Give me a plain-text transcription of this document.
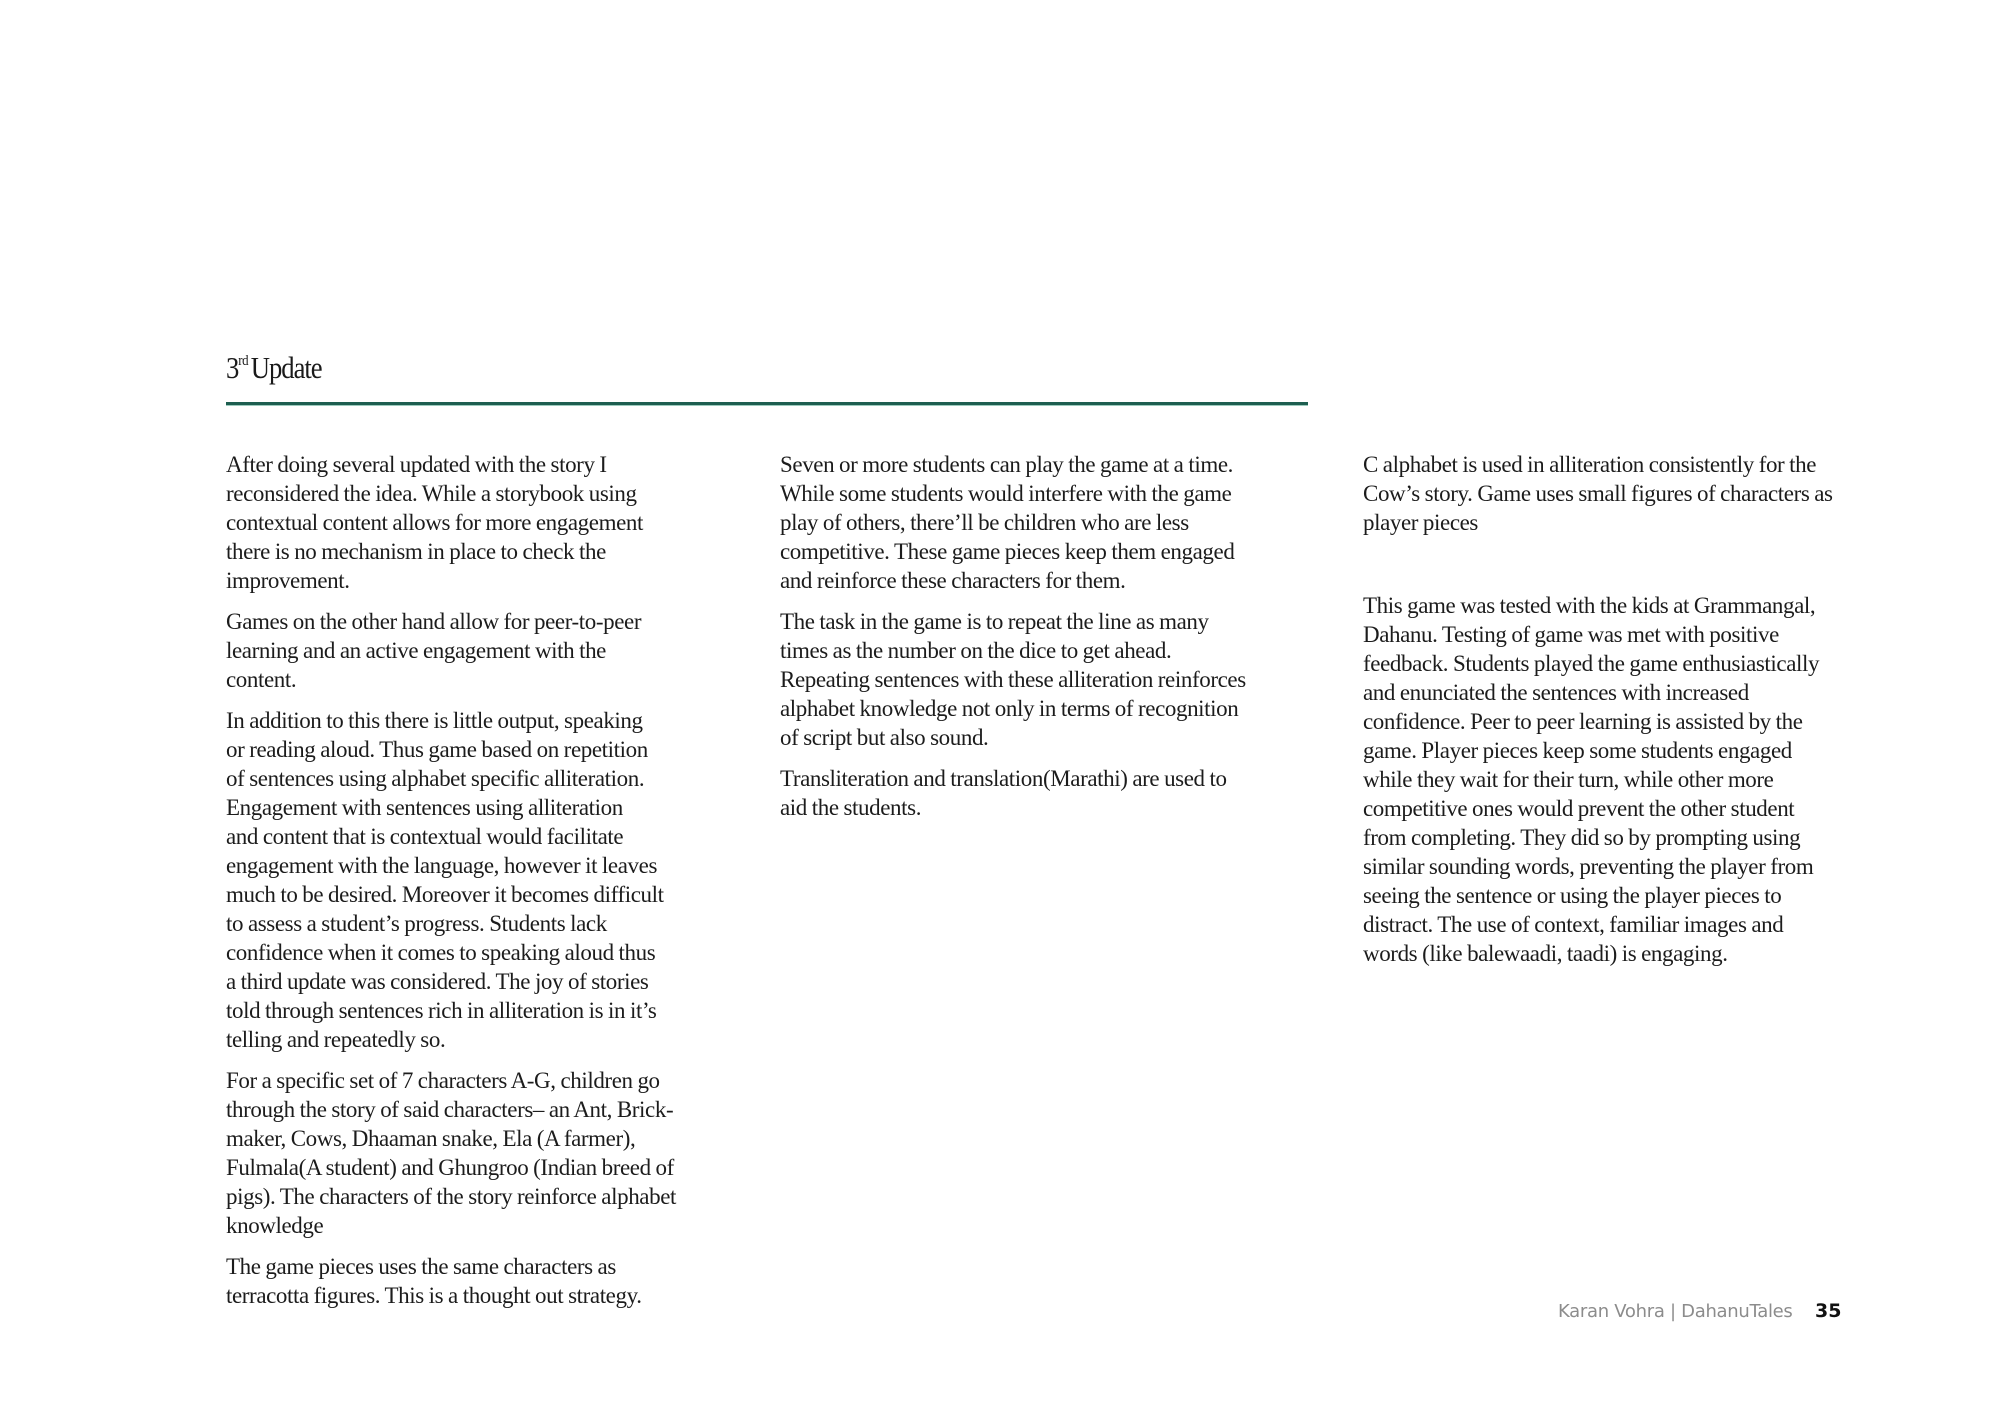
3rdUpdate

After doing several updated with the story I
reconsidered the idea. While a storybook using
contextual content allows for more engagement
there is no mechanism in place to check the
improvement.

Games on the other hand allow for peer-to-peer
learning and an active engagement with the
content.

In addition to this there is little output, speaking
or reading aloud. Thus game based on repetition
of sentences using alphabet specific alliteration.
Engagement with sentences using alliteration
and content that is contextual would facilitate
engagement with the language, however it leaves
much to be desired. Moreover it becomes difficult
to assess a student’s progress. Students lack
confidence when it comes to speaking aloud thus
a third update was considered. The joy of stories
told through sentences rich in alliteration is in it’s
telling and repeatedly so.

For a specific set of 7 characters A-G, children go
through the story of said characters– an Ant, Brick-
maker, Cows, Dhaaman snake, Ela (A farmer),
Fulmala(A student) and Ghungroo (Indian breed of
pigs). The characters of the story reinforce alphabet
knowledge

The game pieces uses the same characters as
terracotta figures. This is a thought out strategy.

Seven or more students can play the game at a time.
While some students would interfere with the game
play of others, there’ll be children who are less
competitive. These game pieces keep them engaged
and reinforce these characters for them.

The task in the game is to repeat the line as many
times as the number on the dice to get ahead.
Repeating sentences with these alliteration reinforces
alphabet knowledge not only in terms of recognition
of script but also sound.

Transliteration and translation(Marathi) are used to
aid the students.

C alphabet is used in alliteration consistently for the
Cow’s story. Game uses small figures of characters as
player pieces

This game was tested with the kids at Grammangal,
Dahanu. Testing of game was met with positive
feedback. Students played the game enthusiastically
and enunciated the sentences with increased
confidence. Peer to peer learning is assisted by the
game. Player pieces keep some students engaged
while they wait for their turn, while other more
competitive ones would prevent the other student
from completing. They did so by prompting using
similar sounding words, preventing the player from
seeing the sentence or using the player pieces to
distract. The use of context, familiar images and
words (like balewaadi, taadi) is engaging.

Karan Vohra | DahanuTales 35
